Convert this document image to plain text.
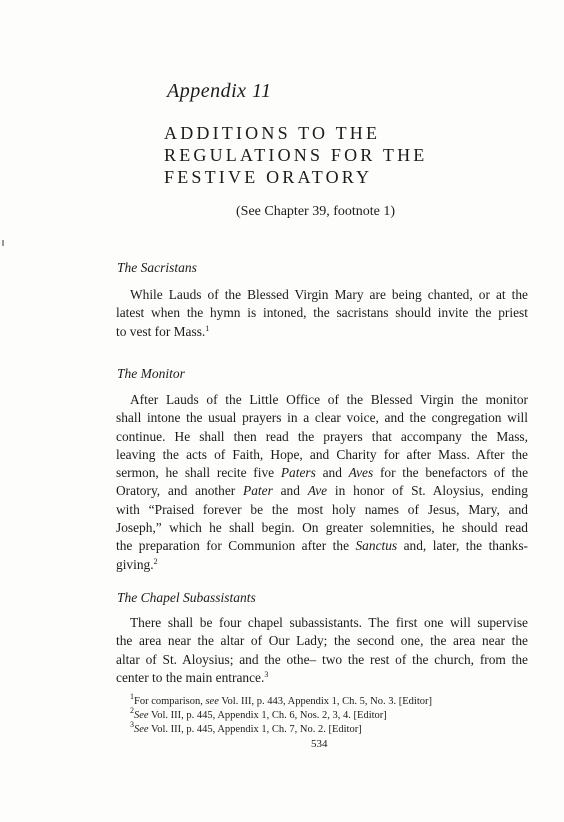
Appendix 11
ADDITIONS TO THE
REGULATIONS FOR THE
FESTIVE ORATORY
(See Chapter 39, footnote 1)
The Sacristans
While Lauds of the Blessed Virgin Mary are being chanted, or at the
latest when the hymn is intoned, the sacristans should invite the priest
to vest for Mass.$^1$
The Monitor
After Lauds of the Little Office of the Blessed Virgin the monitor
shall intone the usual prayers in a clear voice, and the congregation will
continue. He shall then read the prayers that accompany the Mass,
leaving the acts of Faith, Hope, and Charity for after Mass. After the
sermon, he shall recite five Paters and Aves for the benefactors of the
Oratory, and another Pater and Ave in honor of St. Aloysius, ending
with “Praised forever be the most holy names of Jesus, Mary, and
Joseph,” which he shall begin. On greater solemnities, he should read
the preparation for Communion after the Sanctus and, later, the thanks-
giving.$^2$
The Chapel Subassistants
There shall be four chapel subassistants. The first one will supervise
the area near the altar of Our Lady; the second one, the area near the
altar of St. Aloysius; and the othe– two the rest of the church, from the
center to the main entrance.$^3$
$^1$For comparison, see Vol. III, p. 443, Appendix 1, Ch. 5, No. 3. [Editor]
$^2$See Vol. III, p. 445, Appendix 1, Ch. 6, Nos. 2, 3, 4. [Editor]
$^3$See Vol. III, p. 445, Appendix 1, Ch. 7, No. 2. [Editor]
534
